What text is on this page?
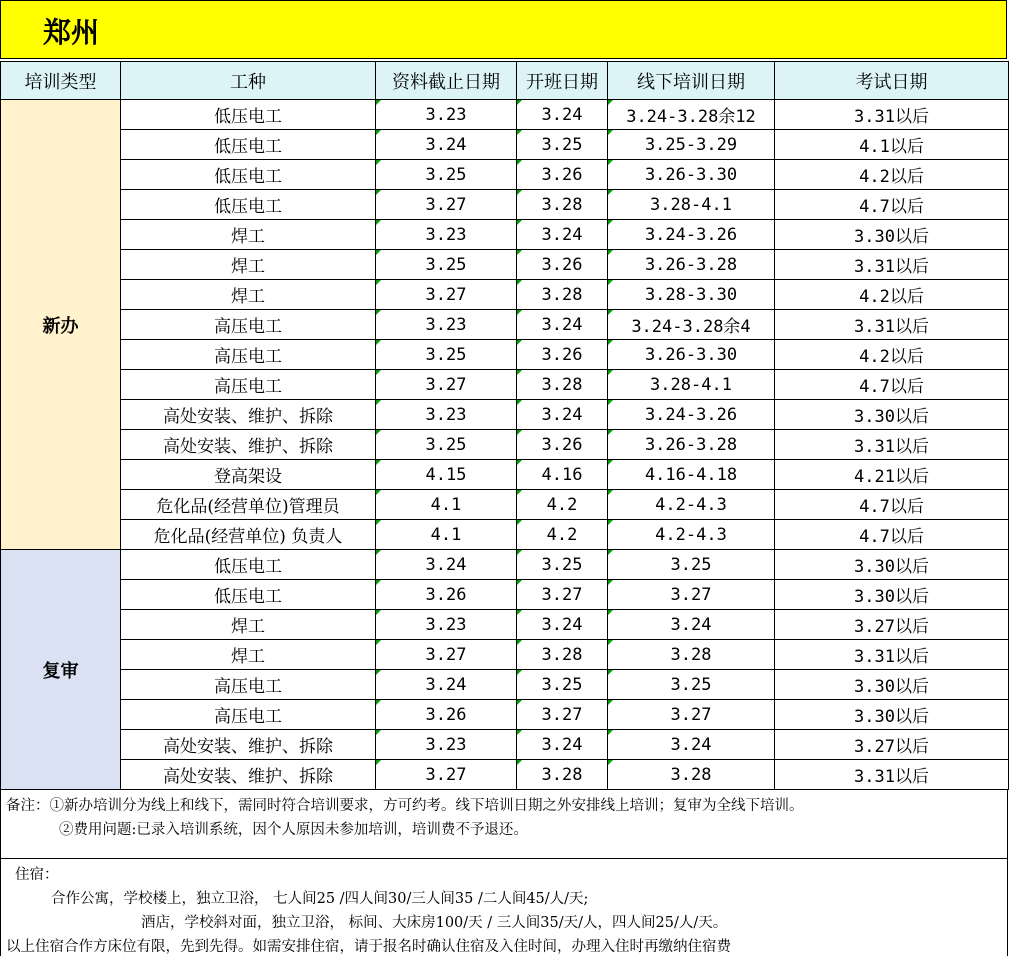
郑州
培训类型	工种	资料截止日期	开班日期	线下培训日期	考试日期
新办	低压电工	3.23	3.24	3.24-3.28余12	3.31以后
	低压电工	3.24	3.25	3.25-3.29	4.1以后
	低压电工	3.25	3.26	3.26-3.30	4.2以后
	低压电工	3.27	3.28	3.28-4.1	4.7以后
	焊工	3.23	3.24	3.24-3.26	3.30以后
	焊工	3.25	3.26	3.26-3.28	3.31以后
	焊工	3.27	3.28	3.28-3.30	4.2以后
	高压电工	3.23	3.24	3.24-3.28余4	3.31以后
	高压电工	3.25	3.26	3.26-3.30	4.2以后
	高压电工	3.27	3.28	3.28-4.1	4.7以后
	高处安装、维护、拆除	3.23	3.24	3.24-3.26	3.30以后
	高处安装、维护、拆除	3.25	3.26	3.26-3.28	3.31以后
	登高架设	4.15	4.16	4.16-4.18	4.21以后
	危化品(经营单位)管理员	4.1	4.2	4.2-4.3	4.7以后
	危化品(经营单位) 负责人	4.1	4.2	4.2-4.3	4.7以后
复审	低压电工	3.24	3.25	3.25	3.30以后
	低压电工	3.26	3.27	3.27	3.30以后
	焊工	3.23	3.24	3.24	3.27以后
	焊工	3.27	3.28	3.28	3.31以后
	高压电工	3.24	3.25	3.25	3.30以后
	高压电工	3.26	3.27	3.27	3.30以后
	高处安装、维护、拆除	3.23	3.24	3.24	3.27以后
	高处安装、维护、拆除	3.27	3.28	3.28	3.31以后
备注：①新办培训分为线上和线下，需同时符合培训要求，方可约考。线下培训日期之外安排线上培训；复审为全线下培训。
②费用问题:已录入培训系统，因个人原因未参加培训，培训费不予退还。
住宿：
合作公寓，学校楼上，独立卫浴， 七人间25 /四人间30/三人间35 /二人间45/人/天;
酒店，学校斜对面，独立卫浴， 标间、大床房100/天 / 三人间35/天/人，四人间25/人/天。
以上住宿合作方床位有限，先到先得。如需安排住宿，请于报名时确认住宿及入住时间，办理入住时再缴纳住宿费
